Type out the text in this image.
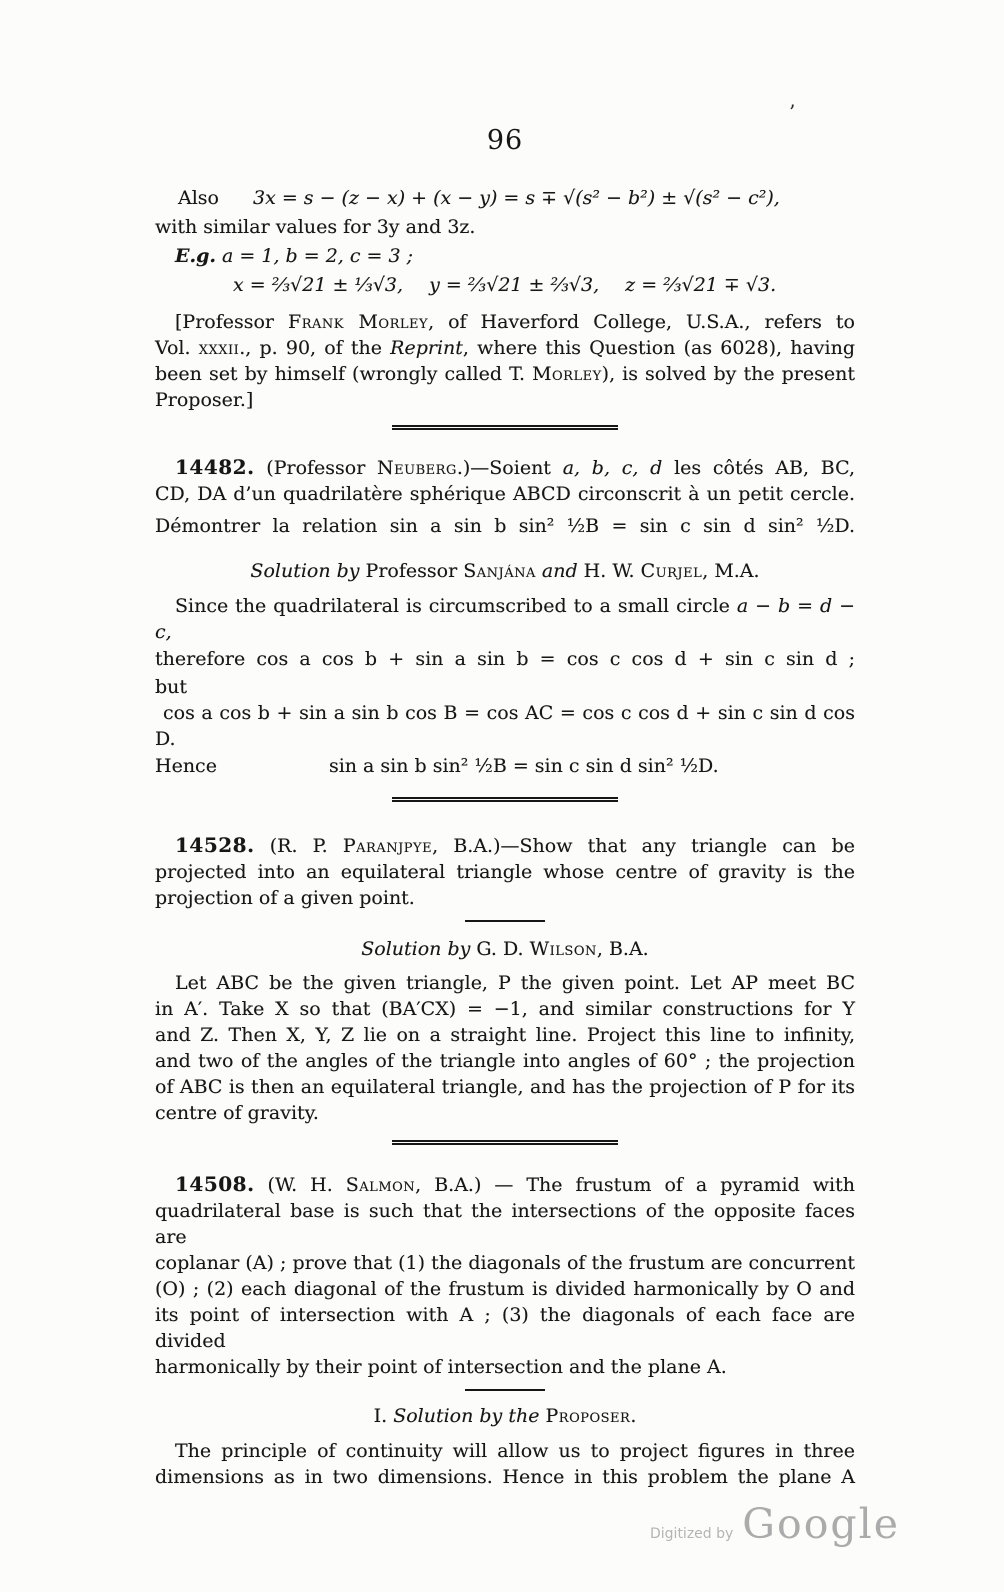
’
96
Also 3x = s − (z − x) + (x − y) = s ∓ √(s² − b²) ± √(s² − c²),
with similar values for 3y and 3z.
E.g. a = 1, b = 2, c = 3 ;
x = ⅔√21 ± ⅓√3, y = ⅔√21 ± ⅔√3, z = ⅔√21 ∓ √3.
[Professor Frank Morley, of Haverford College, U.S.A., refers to
Vol. xxxii., p. 90, of the Reprint, where this Question (as 6028), having
been set by himself (wrongly called T. Morley), is solved by the present
Proposer.]
14482. (Professor Neuberg.)—Soient a, b, c, d les côtés AB, BC,
CD, DA d’un quadrilatère sphérique ABCD circonscrit à un petit cercle.
Démontrer la relation sin a sin b sin² ½B = sin c sin d sin² ½D.
Solution by Professor Sanjána and H. W. Curjel, M.A.
Since the quadrilateral is circumscribed to a small circle a − b = d − c,
therefore cos a cos b + sin a sin b = cos c cos d + sin c sin d ;
but
cos a cos b + sin a sin b cos B = cos AC = cos c cos d + sin c sin d cos D.
Hence	sin a sin b sin² ½B = sin c sin d sin² ½D.
14528. (R. P. Paranjpye, B.A.)—Show that any triangle can be
projected into an equilateral triangle whose centre of gravity is the
projection of a given point.
Solution by G. D. Wilson, B.A.
Let ABC be the given triangle, P the given point. Let AP meet BC
in A′. Take X so that (BA′CX) = −1, and similar constructions for Y
and Z. Then X, Y, Z lie on a straight line. Project this line to infinity,
and two of the angles of the triangle into angles of 60° ; the projection
of ABC is then an equilateral triangle, and has the projection of P for its
centre of gravity.
14508. (W. H. Salmon, B.A.) — The frustum of a pyramid with
quadrilateral base is such that the intersections of the opposite faces are
coplanar (A) ; prove that (1) the diagonals of the frustum are concurrent
(O) ; (2) each diagonal of the frustum is divided harmonically by O and
its point of intersection with A ; (3) the diagonals of each face are divided
harmonically by their point of intersection and the plane A.
I. Solution by the Proposer.
The principle of continuity will allow us to project figures in three
dimensions as in two dimensions. Hence in this problem the plane A
Digitized by Google
